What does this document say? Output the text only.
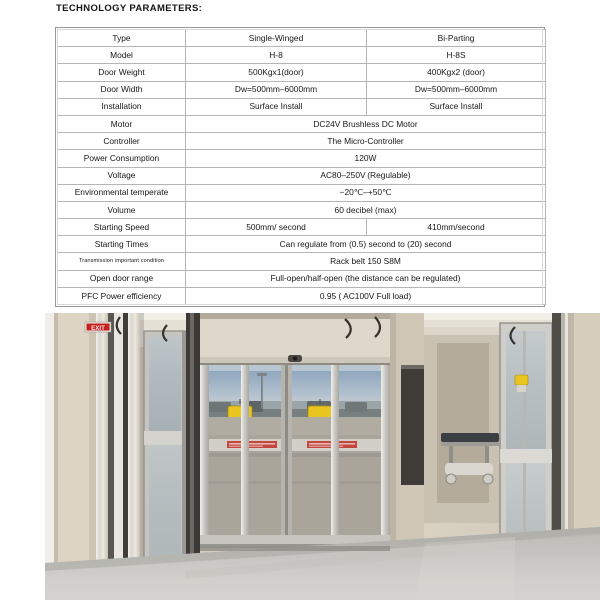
TECHNOLOGY PARAMETERS:
Type	Single-Winged	Bi-Parting
Model	H‑8	H‑8S
Door Weight	500Kgx1(door)	400Kgx2 (door)
Door Width	Dw=500mm–6000mm	Dw=500mm–6000mm
Installation	Surface Install	Surface Install
Motor	DC24V Brushless DC Motor	
Controller	The Micro-Controller	
Power Consumption	120W	
Voltage	AC80–250V (Regulable)	
Environmental temperate	−20℃–+50℃	
Volume	60 decibel (max)	
Starting Speed	500mm/ second	410mm/second
Starting Times	Can regulate from (0.5) second to (20) second	
Transmission important condition	Rack belt 150 S8M	
Open door range	Full-open/half-open (the distance can be regulated)	
PFC Power efficiency	0.95 ( AC100V Full load)	
EXIT
